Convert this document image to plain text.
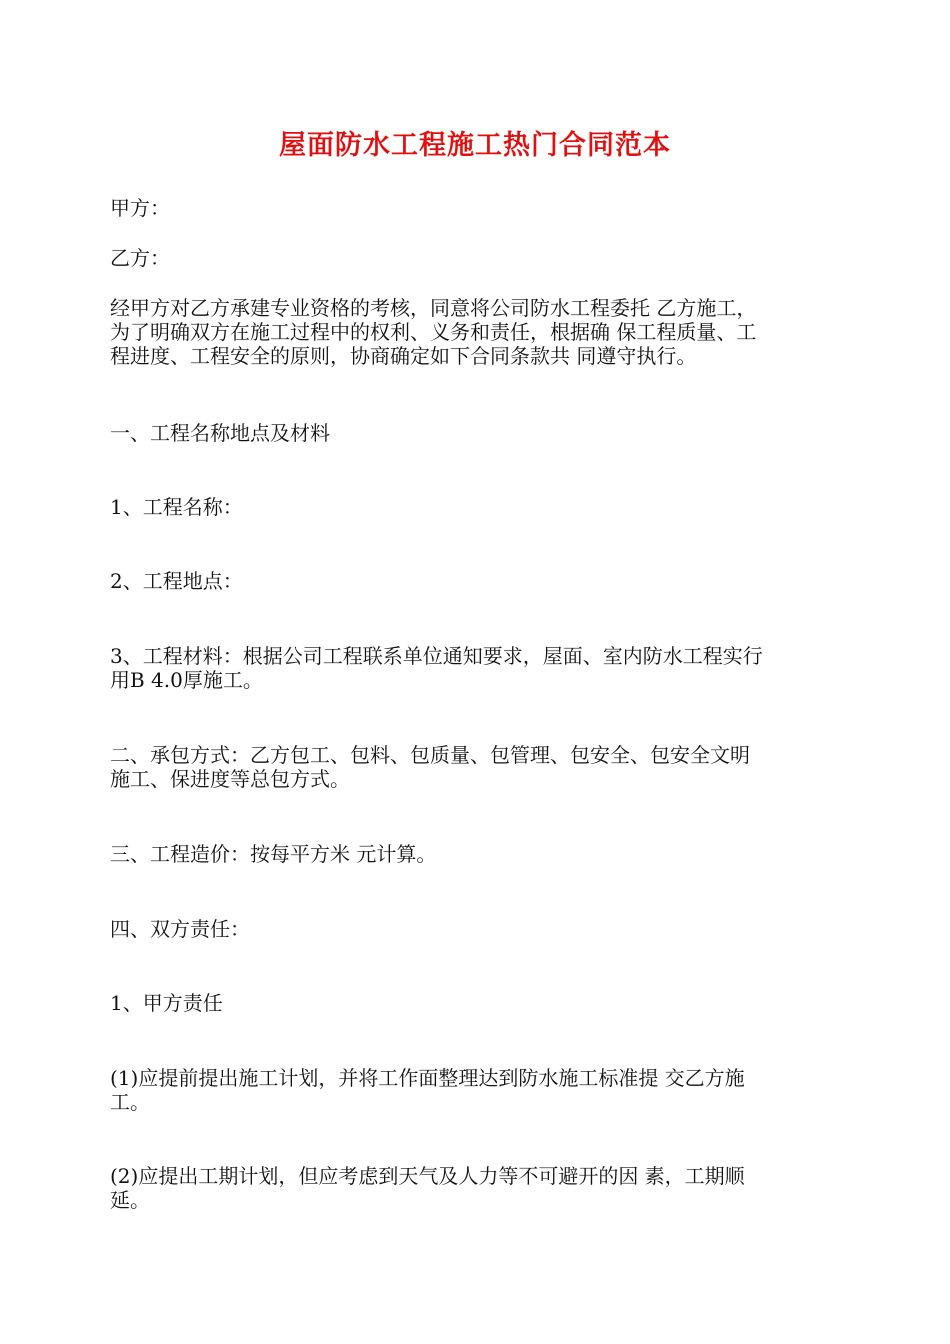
屋面防水工程施工热门合同范本

甲方：

乙方：

经甲方对乙方承建专业资格的考核，同意将公司防水工程委托 乙方施工，
为了明确双方在施工过程中的权利、义务和责任，根据确 保工程质量、工
程进度、工程安全的原则，协商确定如下合同条款共 同遵守执行。

一、工程名称地点及材料

1、工程名称：

2、工程地点：

3、工程材料：根据公司工程联系单位通知要求，屋面、室内防水工程实行
用B 4.0厚施工。

二、承包方式：乙方包工、包料、包质量、包管理、包安全、包安全文明
施工、保进度等总包方式。

三、工程造价：按每平方米 元计算。

四、双方责任：

1、甲方责任

(1)应提前提出施工计划，并将工作面整理达到防水施工标准提 交乙方施
工。

(2)应提出工期计划，但应考虑到天气及人力等不可避开的因 素，工期顺
延。
